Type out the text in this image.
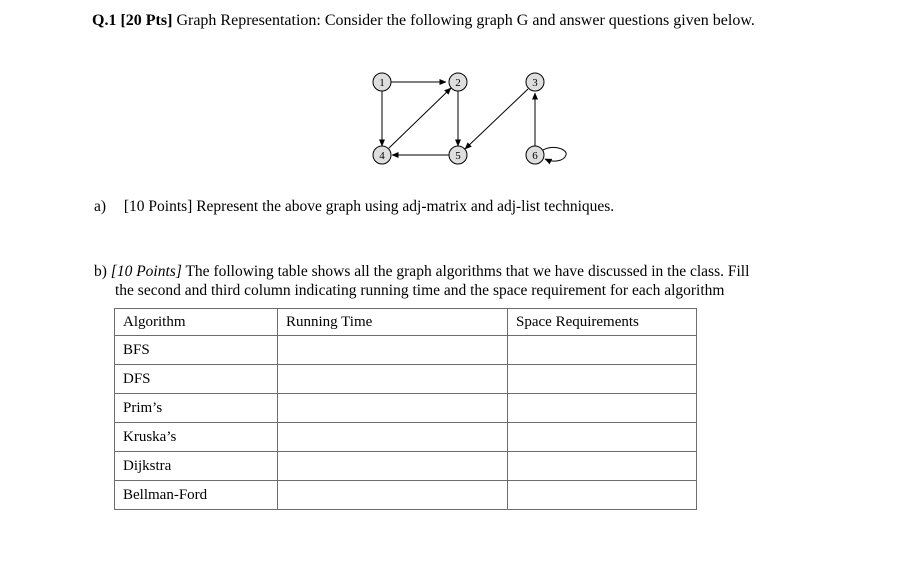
Q.1 [20 Pts] Graph Representation: Consider the following graph G and answer questions given below.
1	2	3
4	5	6
a) [10 Points] Represent the above graph using adj-matrix and adj-list techniques.
b) [10 Points] The following table shows all the graph algorithms that we have discussed in the class. Fill
the second and third column indicating running time and the space requirement for each algorithm
Algorithm	Running Time	Space Requirements
BFS		
DFS		
Prim’s		
Kruska’s		
Dijkstra		
Bellman-Ford		
